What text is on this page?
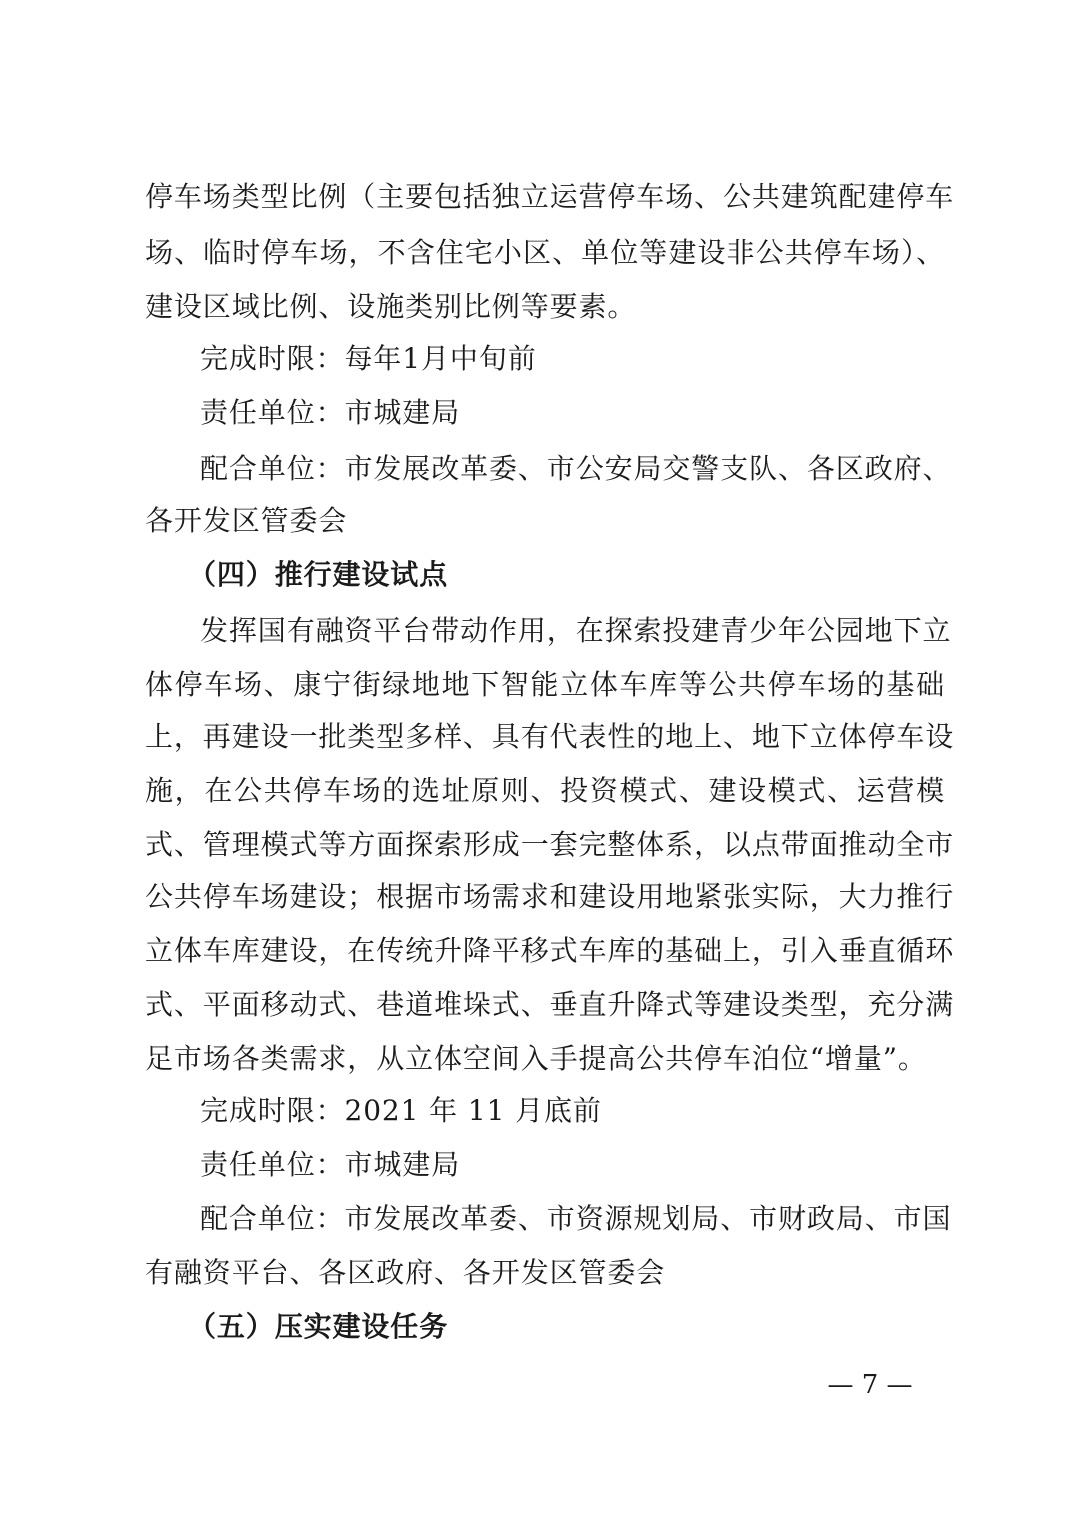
停车场类型比例（主要包括独立运营停车场、公共建筑配建停车
场、临时停车场，不含住宅小区、单位等建设非公共停车场）、
建设区域比例、设施类别比例等要素。
完成时限：每年1月中旬前
责任单位：市城建局
配合单位：市发展改革委、市公安局交警支队、各区政府、
各开发区管委会
（四）推行建设试点
发挥国有融资平台带动作用，在探索投建青少年公园地下立
体停车场、康宁街绿地地下智能立体车库等公共停车场的基础
上，再建设一批类型多样、具有代表性的地上、地下立体停车设
施，在公共停车场的选址原则、投资模式、建设模式、运营模
式、管理模式等方面探索形成一套完整体系，以点带面推动全市
公共停车场建设；根据市场需求和建设用地紧张实际，大力推行
立体车库建设，在传统升降平移式车库的基础上，引入垂直循环
式、平面移动式、巷道堆垛式、垂直升降式等建设类型，充分满
足市场各类需求，从立体空间入手提高公共停车泊位“增量”。
完成时限：2021 年 11 月底前
责任单位：市城建局
配合单位：市发展改革委、市资源规划局、市财政局、市国
有融资平台、各区政府、各开发区管委会
（五）压实建设任务
— 7 —
